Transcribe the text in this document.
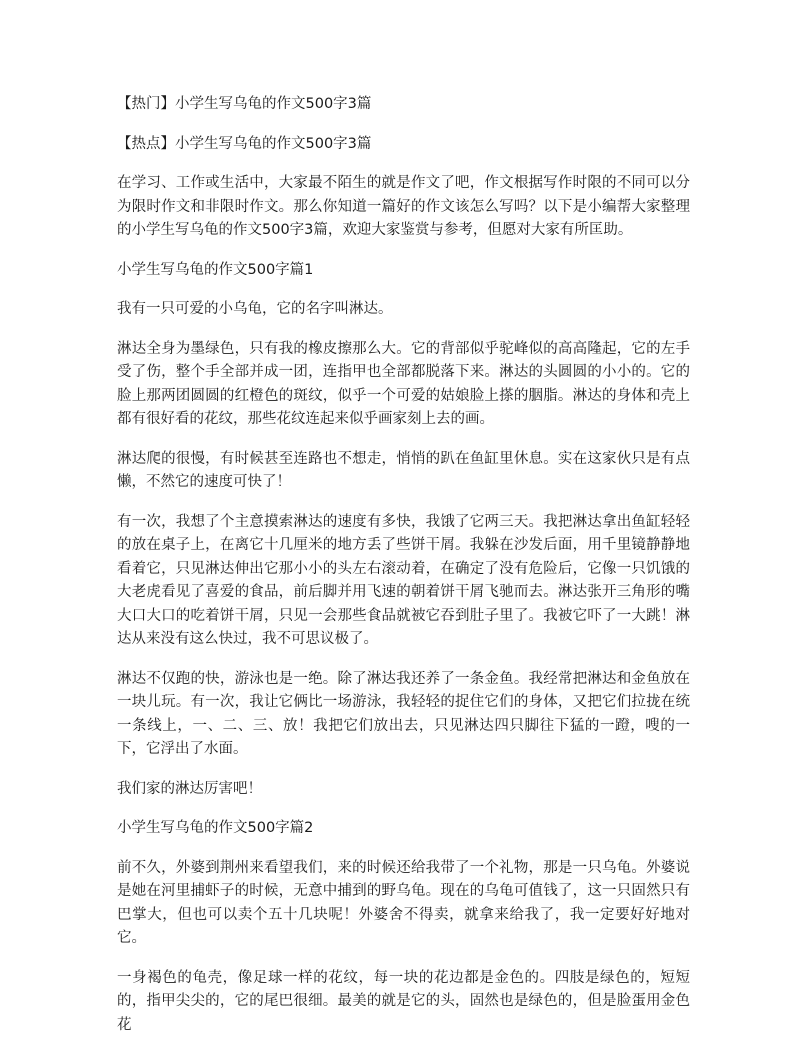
【热门】小学生写乌龟的作文500字3篇

【热点】小学生写乌龟的作文500字3篇

在学习、工作或生活中，大家最不陌生的就是作文了吧，作文根据写作时限的不同可以分为限时作文和非限时作文。那么你知道一篇好的作文该怎么写吗？以下是小编帮大家整理的小学生写乌龟的作文500字3篇，欢迎大家鉴赏与参考，但愿对大家有所匡助。

小学生写乌龟的作文500字篇1

我有一只可爱的小乌龟，它的名字叫淋达。

淋达全身为墨绿色，只有我的橡皮擦那么大。它的背部似乎驼峰似的高高隆起，它的左手受了伤，整个手全部并成一团，连指甲也全部都脱落下来。淋达的头圆圆的小小的。它的脸上那两团圆圆的红橙色的斑纹，似乎一个可爱的姑娘脸上搽的胭脂。淋达的身体和壳上都有很好看的花纹，那些花纹连起来似乎画家刻上去的画。

淋达爬的很慢，有时候甚至连路也不想走，悄悄的趴在鱼缸里休息。实在这家伙只是有点懒，不然它的速度可快了！

有一次，我想了个主意摸索淋达的速度有多快，我饿了它两三天。我把淋达拿出鱼缸轻轻的放在桌子上，在离它十几厘米的地方丢了些饼干屑。我躲在沙发后面，用千里镜静静地看着它，只见淋达伸出它那小小的头左右滚动着，在确定了没有危险后，它像一只饥饿的大老虎看见了喜爱的食品，前后脚并用飞速的朝着饼干屑飞驰而去。淋达张开三角形的嘴大口大口的吃着饼干屑，只见一会那些食品就被它吞到肚子里了。我被它吓了一大跳！淋达从来没有这么快过，我不可思议极了。

淋达不仅跑的快，游泳也是一绝。除了淋达我还养了一条金鱼。我经常把淋达和金鱼放在一块儿玩。有一次，我让它俩比一场游泳，我轻轻的捉住它们的身体，又把它们拉拢在统一条线上，一、二、三、放！我把它们放出去，只见淋达四只脚往下猛的一蹬，嗖的一下，它浮出了水面。

我们家的淋达厉害吧！

小学生写乌龟的作文500字篇2

前不久，外婆到荆州来看望我们，来的时候还给我带了一个礼物，那是一只乌龟。外婆说是她在河里捕虾子的时候，无意中捕到的野乌龟。现在的乌龟可值钱了，这一只固然只有巴掌大，但也可以卖个五十几块呢！外婆舍不得卖，就拿来给我了，我一定要好好地对它。

一身褐色的龟壳，像足球一样的花纹，每一块的花边都是金色的。四肢是绿色的，短短的，指甲尖尖的，它的尾巴很细。最美的就是它的头，固然也是绿色的，但是脸蛋用金色花
